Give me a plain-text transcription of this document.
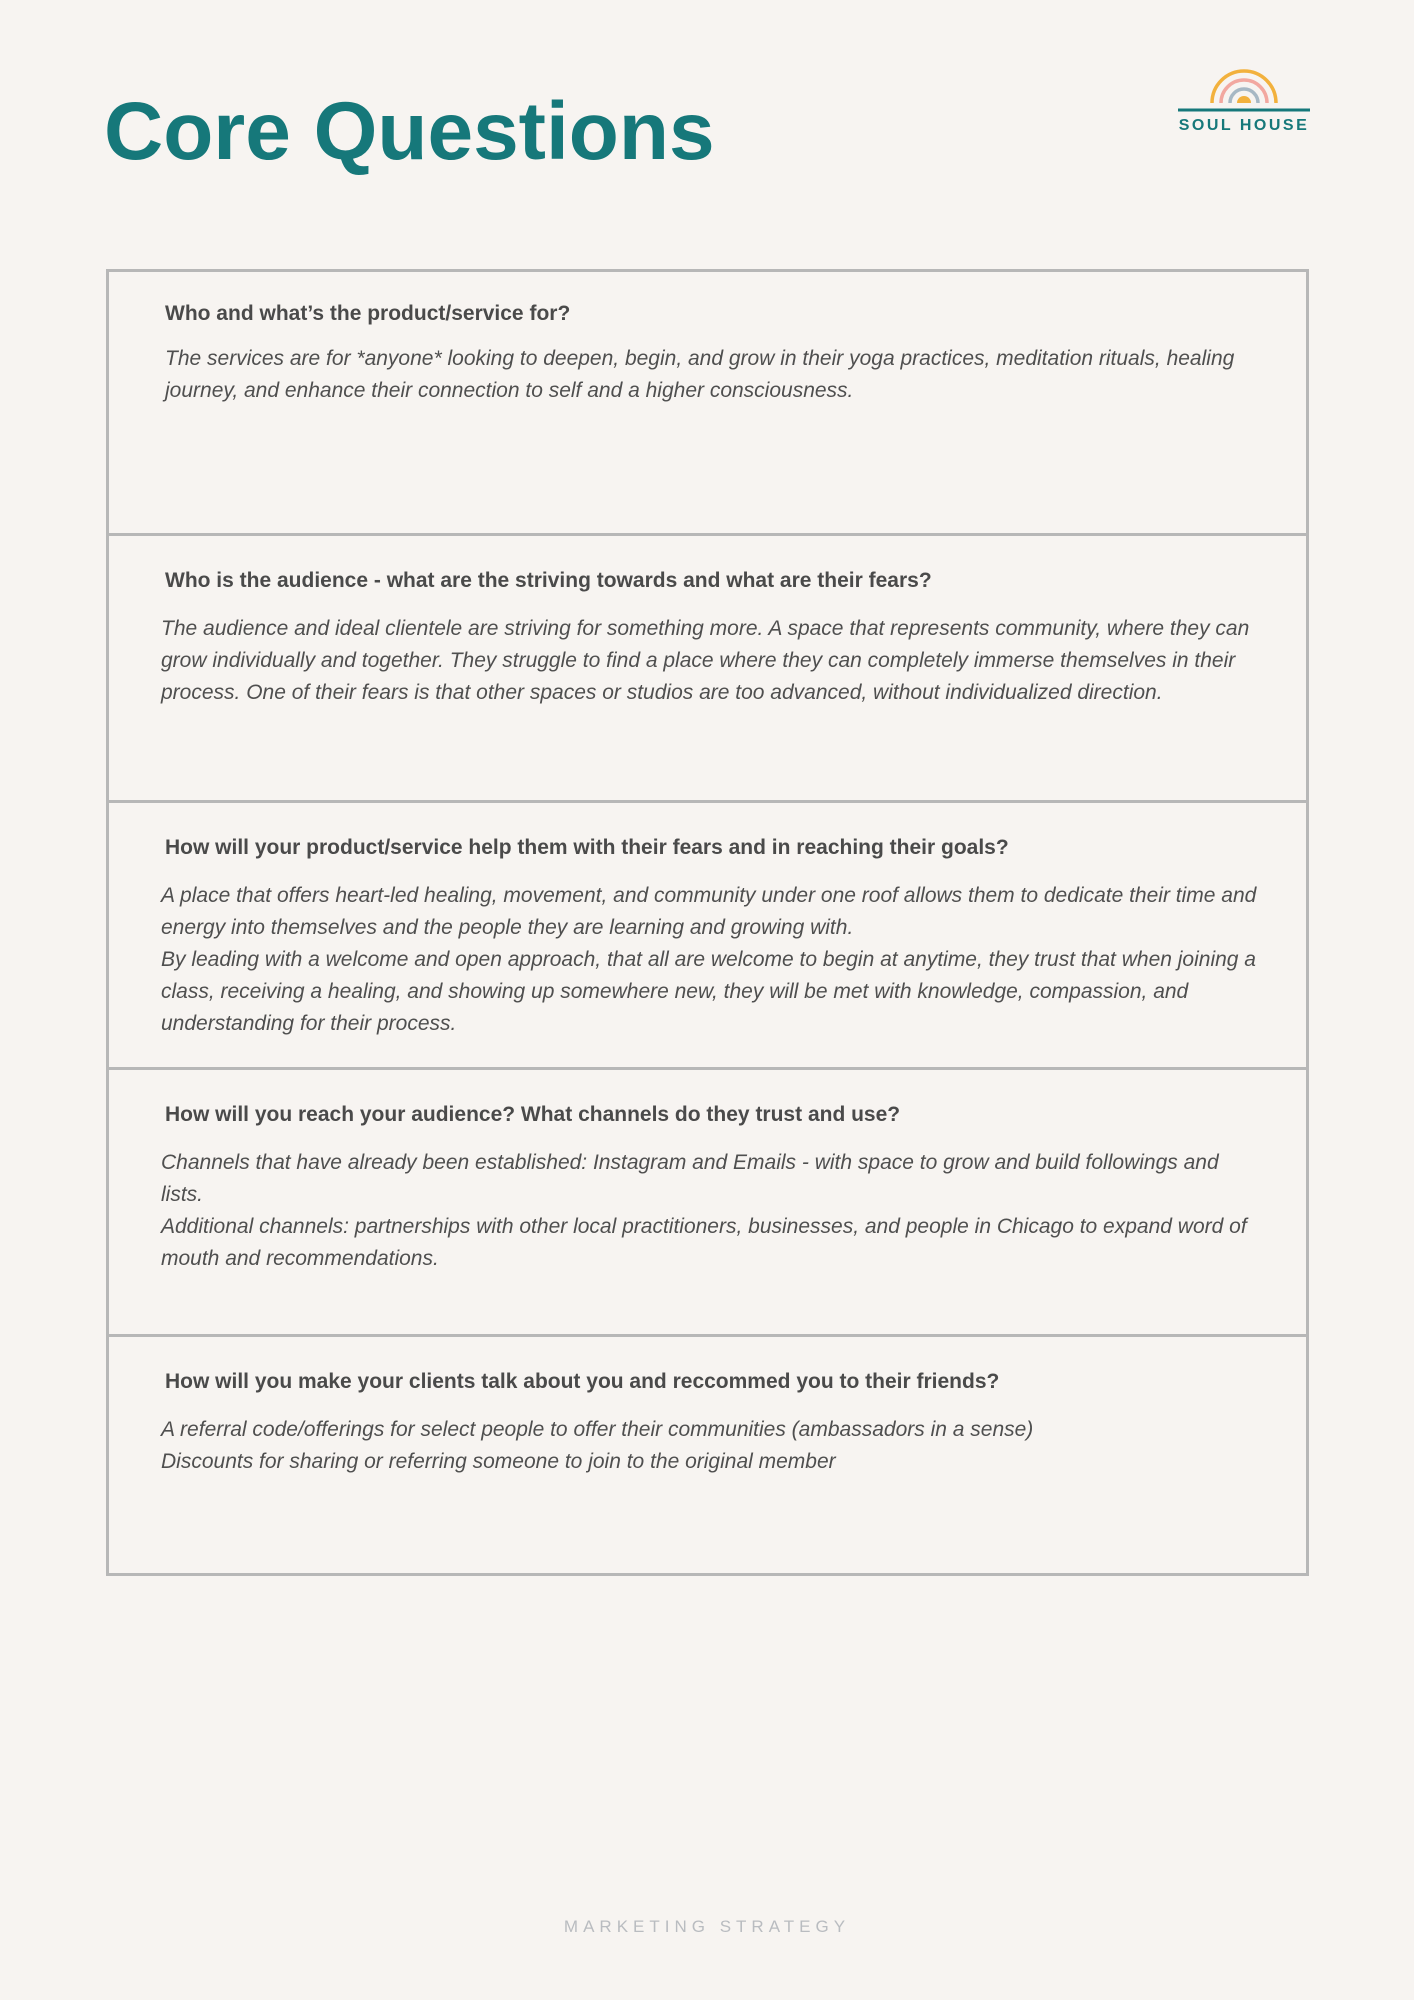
Core Questions	SOUL HOUSE
Who and what’s the product/service for?

The services are for *anyone* looking to deepen, begin, and grow in their yoga practices, meditation rituals, healing journey, and enhance their connection to self and a higher consciousness.

Who is the audience - what are the striving towards and what are their fears?

The audience and ideal clientele are striving for something more. A space that represents community, where they can grow individually and together. They struggle to find a place where they can completely immerse themselves in their process. One of their fears is that other spaces or studios are too advanced, without individualized direction.

How will your product/service help them with their fears and in reaching their goals?

A place that offers heart-led healing, movement, and community under one roof allows them to dedicate their time and energy into themselves and the people they are learning and growing with.

By leading with a welcome and open approach, that all are welcome to begin at anytime, they trust that when joining a class, receiving a healing, and showing up somewhere new, they will be met with knowledge, compassion, and understanding for their process.

How will you reach your audience? What channels do they trust and use?

Channels that have already been established: Instagram and Emails - with space to grow and build followings and lists.

Additional channels: partnerships with other local practitioners, businesses, and people in Chicago to expand word of mouth and recommendations.

How will you make your clients talk about you and reccommed you to their friends?

A referral code/offerings for select people to offer their communities (ambassadors in a sense)

Discounts for sharing or referring someone to join to the original member

MARKETING STRATEGY
